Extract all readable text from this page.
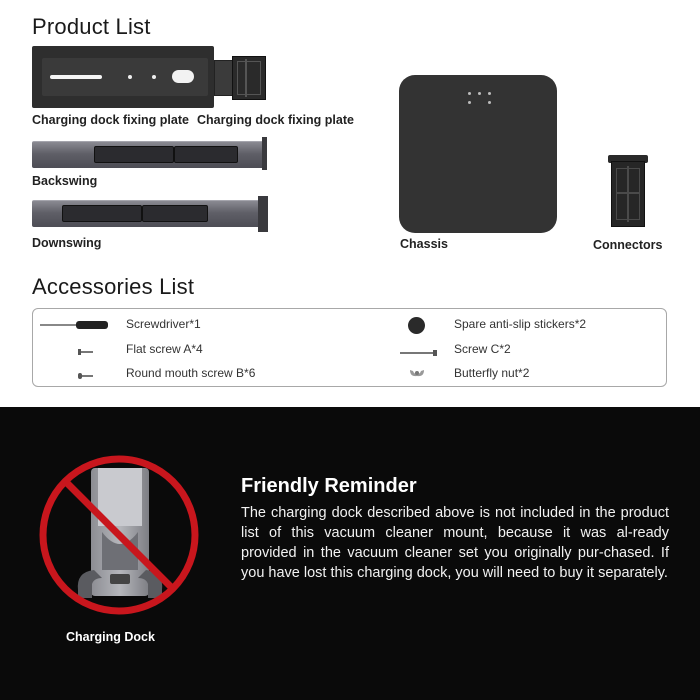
Product List
Charging dock fixing plate Charging dock fixing plate
Backswing
Downswing	Chassis	Connectors
Accessories List
Screwdriver*1	Spare anti-slip stickers*2
Flat screw A*4	Screw C*2
Round mouth screw B*6	Butterfly nut*2
Charging Dock
Friendly Reminder
The charging dock described above is not included in the product list of this vacuum cleaner mount, because it was al-ready provided in the vacuum cleaner set you originally pur-chased. If you have lost this charging dock, you will need to buy it separately.
